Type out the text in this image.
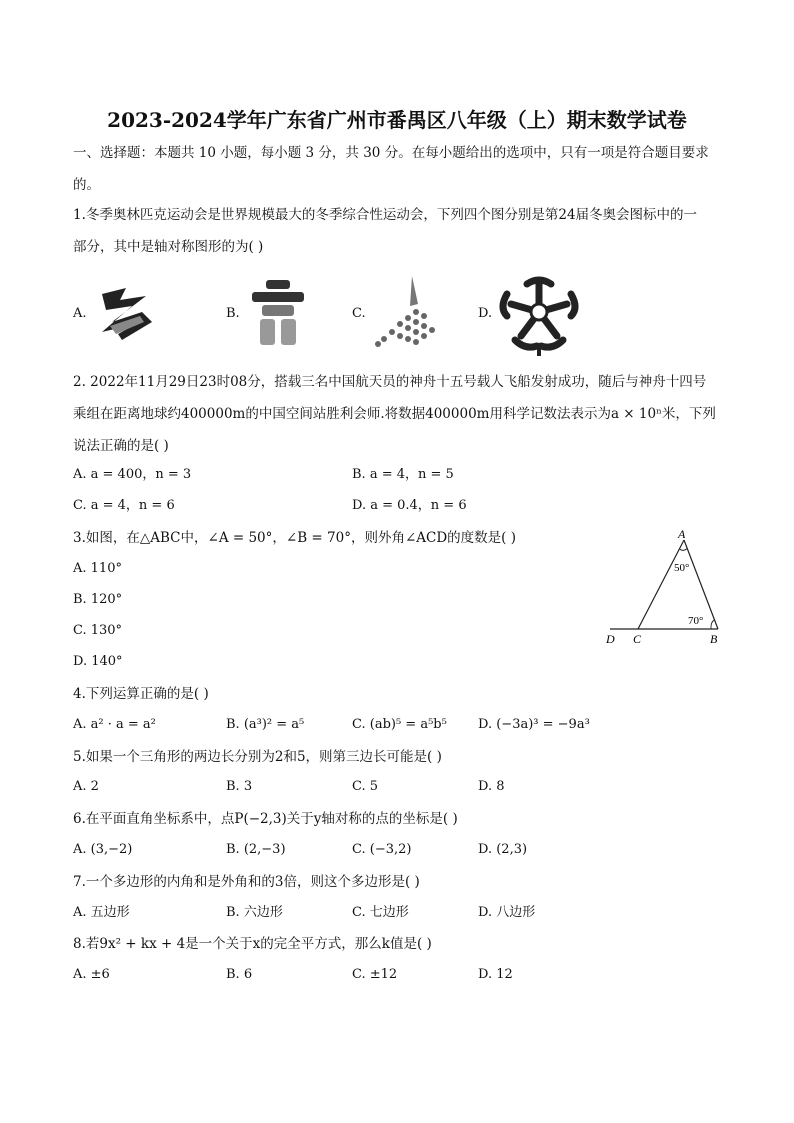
2023-2024学年广东省广州市番禺区八年级（上）期末数学试卷
一、选择题：本题共 10 小题，每小题 3 分，共 30 分。在每小题给出的选项中，只有一项是符合题目要求
的。
1.冬季奥林匹克运动会是世界规模最大的冬季综合性运动会，下列四个图分别是第24届冬奥会图标中的一
部分，其中是轴对称图形的为( )
A.	B.	C.	D.
2. 2022年11月29日23时08分，搭载三名中国航天员的神舟十五号载人飞船发射成功，随后与神舟十四号
乘组在距离地球约400000m的中国空间站胜利会师.将数据400000m用科学记数法表示为a × 10ⁿ米，下列
说法正确的是( )
A. a = 400，n = 3	B. a = 4，n = 5
C. a = 4，n = 6	D. a = 0.4，n = 6
3.如图，在△ABC中，∠A = 50°，∠B = 70°，则外角∠ACD的度数是( )
A. 110°
B. 120°
C. 130°
D. 140°
A
50°
70°
D C	B
4.下列运算正确的是( )
A. a² · a = a²	B. (a³)² = a⁵	C. (ab)⁵ = a⁵b⁵ D. (−3a)³ = −9a³
5.如果一个三角形的两边长分别为2和5，则第三边长可能是( )
A. 2	B. 3	C. 5	D. 8
6.在平面直角坐标系中，点P(−2,3)关于y轴对称的点的坐标是( )
A. (3,−2)	B. (2,−3)	C. (−3,2)	D. (2,3)
7.一个多边形的内角和是外角和的3倍，则这个多边形是( )
A. 五边形	B. 六边形	C. 七边形	D. 八边形
8.若9x² + kx + 4是一个关于x的完全平方式，那么k值是( )
A. ±6	B. 6	C. ±12	D. 12
